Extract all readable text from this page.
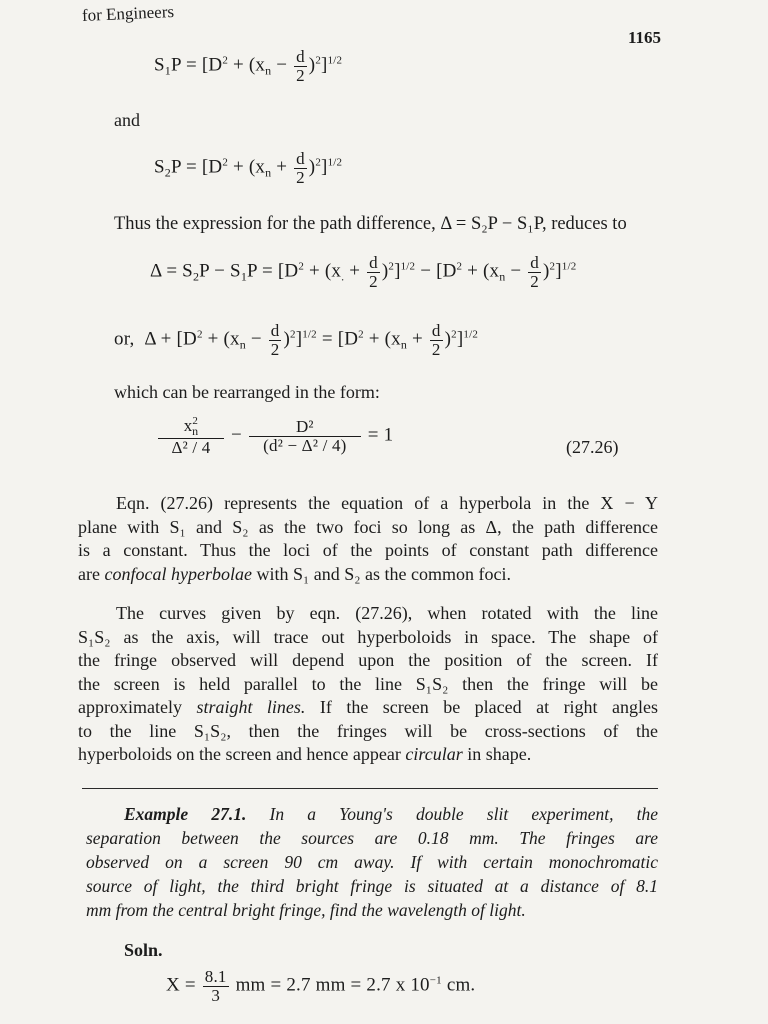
for Engineers
1165
$S_1P = [D^2 + (x_n - \frac{d}{2} )^2]^{1/2}$
and
$S_2P = [D^2 + (x_n + \frac{d}{2} )^2]^{1/2}$
Thus the expression for the path difference, Δ = S₂P − S₁P, reduces to
$\Delta = S_2P - S_1P = [D^2 + (x_. + \frac{d}{2} )^2]^{1/2} - [D^2 + (x_n - \frac{d}{2} )^2]^{1/2}$
or, $\Delta + [D^2 + (x_n - \frac{d}{2} )^2]^{1/2} = [D^2 + (x_n + \frac{d}{2} )^2]^{1/2}$
which can be rearranged in the form:
$\frac{x^2_n}{\text{Δ² / 4}} - \frac{\text{D²}}{\text{(d² − Δ² / 4)}} = 1$
(27.26)
Eqn. (27.26) represents the equation of a hyperbola in the X − Y
plane with S₁ and S₂ as the two foci so long as Δ, the path difference
is a constant. Thus the loci of the points of constant path difference
are confocal hyperbolae with S₁ and S₂ as the common foci.
The curves given by eqn. (27.26), when rotated with the line
S₁S₂ as the axis, will trace out hyperboloids in space. The shape of
the fringe observed will depend upon the position of the screen. If
the screen is held parallel to the line S₁S₂ then the fringe will be
approximately straight lines. If the screen be placed at right angles
to the line S₁S₂, then the fringes will be cross-sections of the
hyperboloids on the screen and hence appear circular in shape.
Example 27.1. In a Young's double slit experiment, the
separation between the sources are 0.18 mm. The fringes are
observed on a screen 90 cm away. If with certain monochromatic
source of light, the third bright fringe is situated at a distance of 8.1
mm from the central bright fringe, find the wavelength of light.
Soln.
$X = \frac{8.1}{3}$ mm = 2.7 mm = 2.7 x $10^{-1}$ cm.
